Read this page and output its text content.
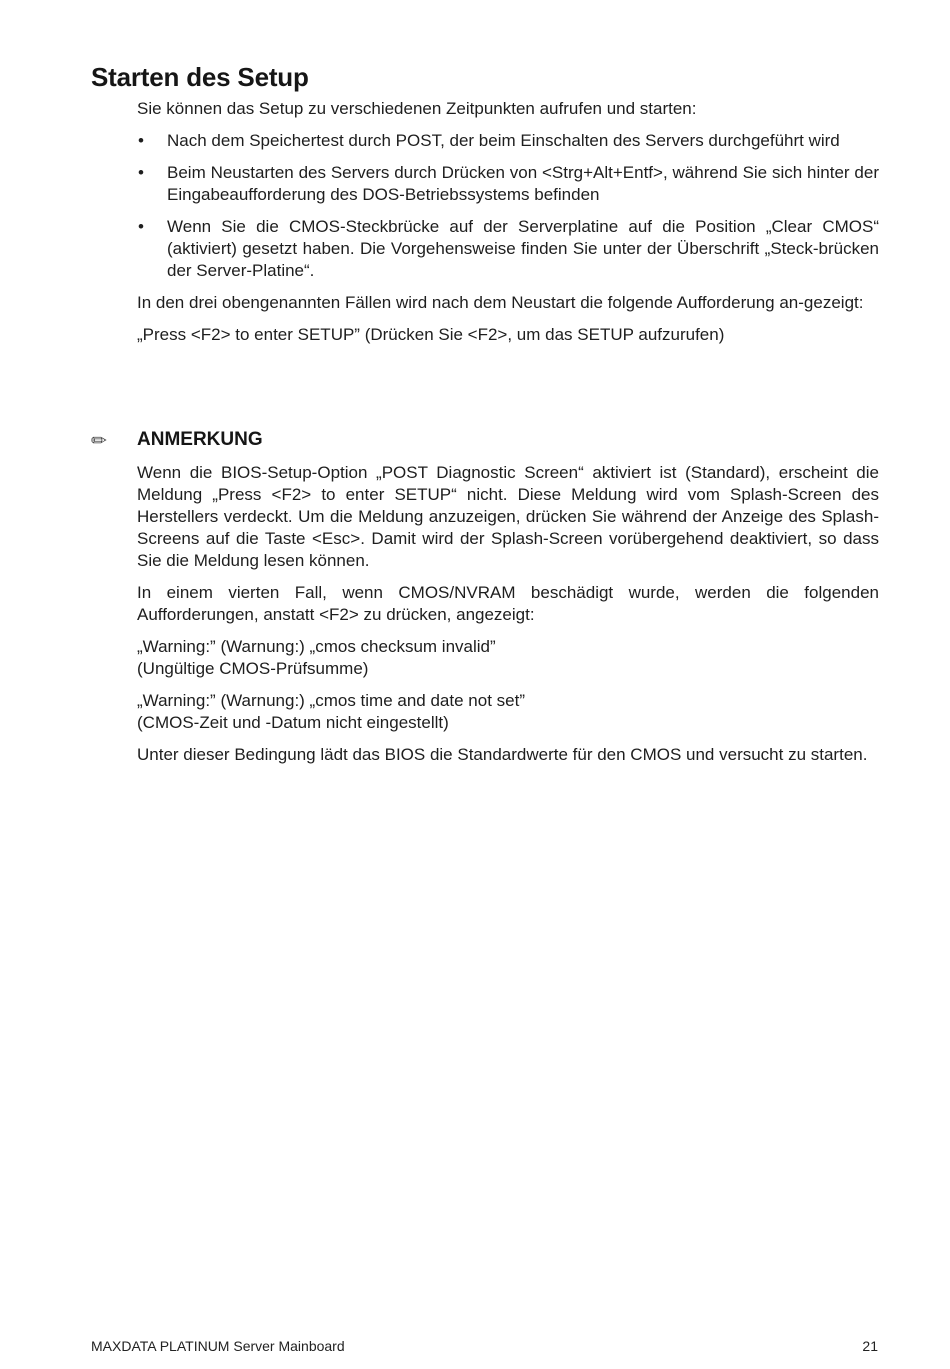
Starten des Setup

Sie können das Setup zu verschiedenen Zeitpunkten aufrufen und starten:

• Nach dem Speichertest durch POST, der beim Einschalten des Servers durchgeführt wird
• Beim Neustarten des Servers durch Drücken von <Strg+Alt+Entf>, während Sie sich hinter der Eingabeaufforderung des DOS-Betriebssystems befinden
• Wenn Sie die CMOS-Steckbrücke auf der Serverplatine auf die Position „Clear CMOS“ (aktiviert) gesetzt haben. Die Vorgehensweise finden Sie unter der Überschrift „Steck-brücken der Server-Platine“.

In den drei obengenannten Fällen wird nach dem Neustart die folgende Aufforderung an-gezeigt:

„Press <F2> to enter SETUP” (Drücken Sie <F2>, um das SETUP aufzurufen)

✏ ANMERKUNG

Wenn die BIOS-Setup-Option „POST Diagnostic Screen“ aktiviert ist (Standard), erscheint die Meldung „Press <F2> to enter SETUP“ nicht. Diese Meldung wird vom Splash-Screen des Herstellers verdeckt. Um die Meldung anzuzeigen, drücken Sie während der Anzeige des Splash-Screens auf die Taste <Esc>. Damit wird der Splash-Screen vorübergehend deaktiviert, so dass Sie die Meldung lesen können.

In einem vierten Fall, wenn CMOS/NVRAM beschädigt wurde, werden die folgenden Aufforderungen, anstatt <F2> zu drücken, angezeigt:

„Warning:” (Warnung:) „cmos checksum invalid”
(Ungültige CMOS-Prüfsumme)

„Warning:” (Warnung:) „cmos time and date not set”
(CMOS-Zeit und -Datum nicht eingestellt)

Unter dieser Bedingung lädt das BIOS die Standardwerte für den CMOS und versucht zu starten.

MAXDATA PLATINUM Server Mainboard	21
